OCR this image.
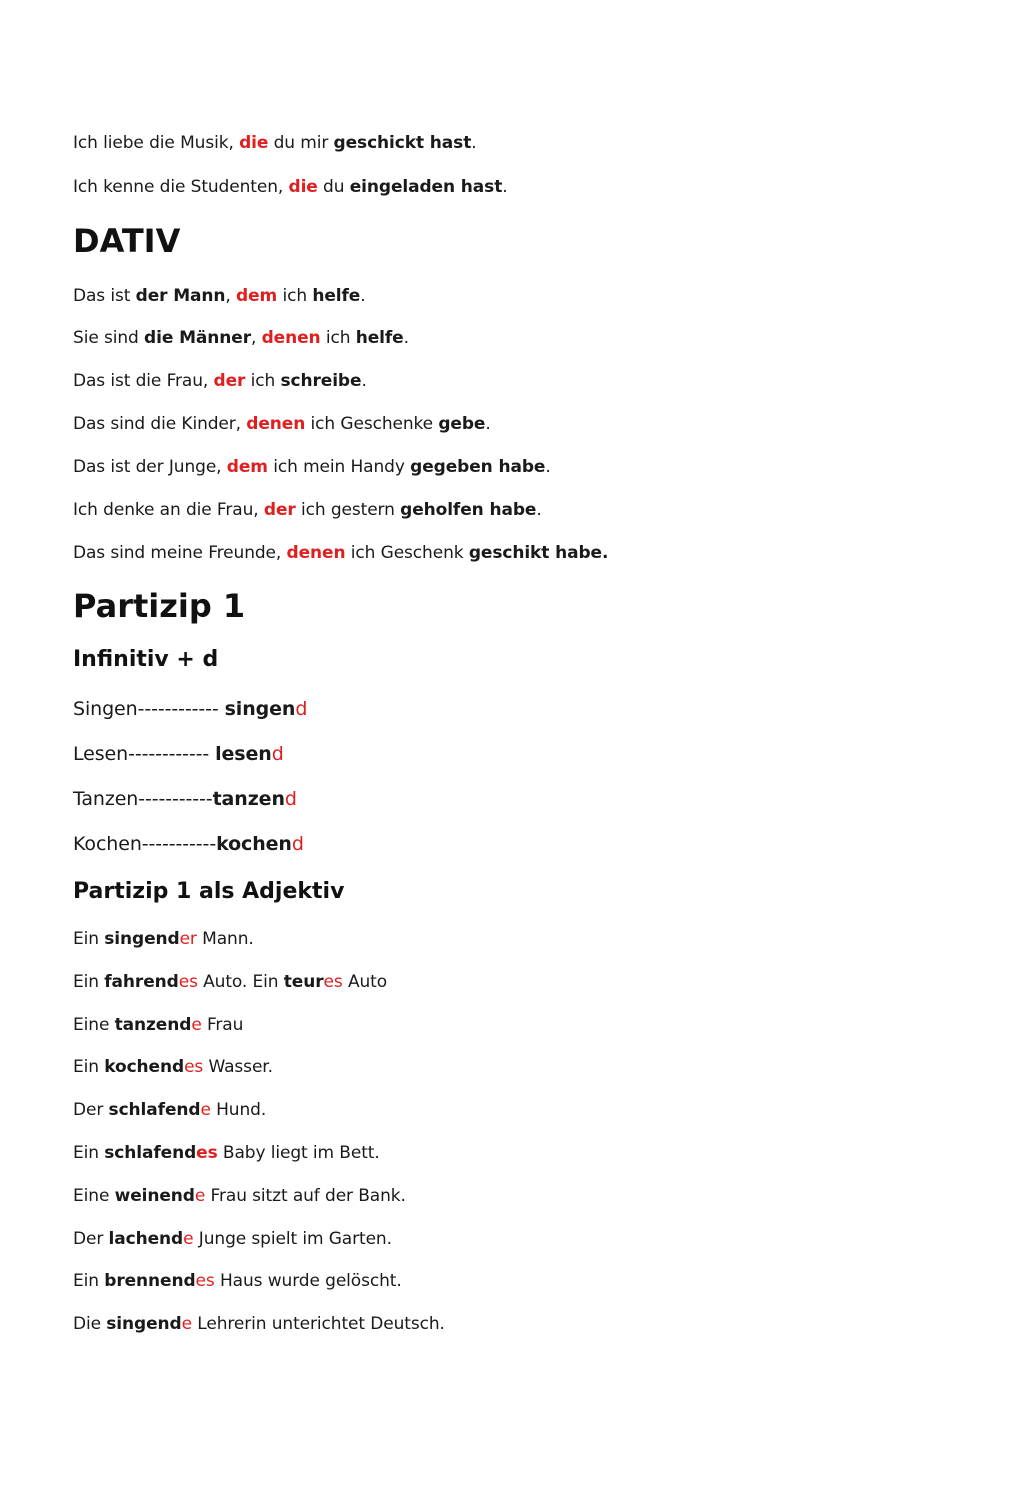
Ich liebe die Musik, die du mir geschickt hast.
Ich kenne die Studenten, die du eingeladen hast.
DATIV
Das ist der Mann, dem ich helfe.
Sie sind die Männer, denen ich helfe.
Das ist die Frau, der ich schreibe.
Das sind die Kinder, denen ich Geschenke gebe.
Das ist der Junge, dem ich mein Handy gegeben habe.
Ich denke an die Frau, der ich gestern geholfen habe.
Das sind meine Freunde, denen ich Geschenk geschikt habe.
Partizip 1
Infinitiv + d
Singen------------ singend
Lesen------------ lesend
Tanzen-----------tanzend
Kochen-----------kochend
Partizip 1 als Adjektiv
Ein singender Mann.
Ein fahrendes Auto. Ein teures Auto
Eine tanzende Frau
Ein kochendes Wasser.
Der schlafende Hund.
Ein schlafendes Baby liegt im Bett.
Eine weinende Frau sitzt auf der Bank.
Der lachende Junge spielt im Garten.
Ein brennendes Haus wurde gelöscht.
Die singende Lehrerin unterichtet Deutsch.
